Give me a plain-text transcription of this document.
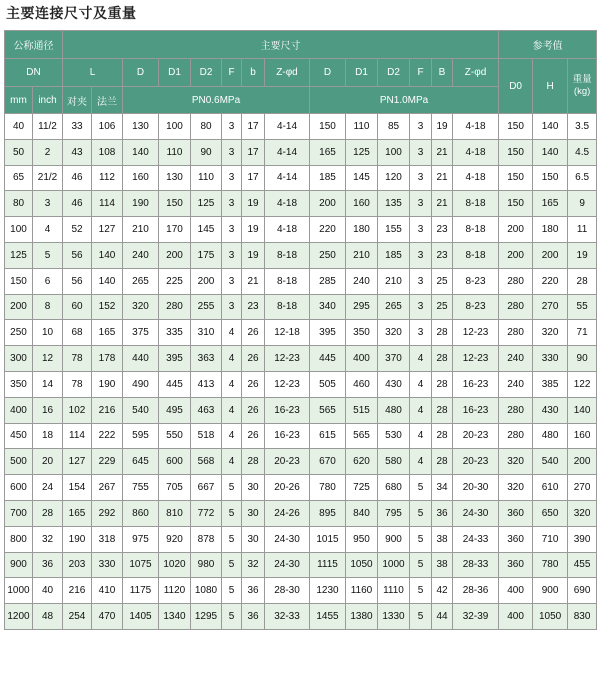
主要连接尺寸及重量
公称通径		主要尺寸														参考值		
DN		L		D	D1	D2	F	b	Z-φd	D	D1	D2	F	B	Z-φd	D0	H	重量 (kg)
mm	inch	对夹	法兰	PN0.6MPa						PN1.0MPa								
40	11/2	33	106	130	100	80	3	17	4-14	150	110	85	3	19	4-18	150	140	3.5
50	2	43	108	140	110	90	3	17	4-14	165	125	100	3	21	4-18	150	140	4.5
65	21/2	46	112	160	130	110	3	17	4-14	185	145	120	3	21	4-18	150	150	6.5
80	3	46	114	190	150	125	3	19	4-18	200	160	135	3	21	8-18	150	165	9
100	4	52	127	210	170	145	3	19	4-18	220	180	155	3	23	8-18	200	180	11
125	5	56	140	240	200	175	3	19	8-18	250	210	185	3	23	8-18	200	200	19
150	6	56	140	265	225	200	3	21	8-18	285	240	210	3	25	8-23	280	220	28
200	8	60	152	320	280	255	3	23	8-18	340	295	265	3	25	8-23	280	270	55
250	10	68	165	375	335	310	4	26	12-18	395	350	320	3	28	12-23	280	320	71
300	12	78	178	440	395	363	4	26	12-23	445	400	370	4	28	12-23	240	330	90
350	14	78	190	490	445	413	4	26	12-23	505	460	430	4	28	16-23	240	385	122
400	16	102	216	540	495	463	4	26	16-23	565	515	480	4	28	16-23	280	430	140
450	18	114	222	595	550	518	4	26	16-23	615	565	530	4	28	20-23	280	480	160
500	20	127	229	645	600	568	4	28	20-23	670	620	580	4	28	20-23	320	540	200
600	24	154	267	755	705	667	5	30	20-26	780	725	680	5	34	20-30	320	610	270
700	28	165	292	860	810	772	5	30	24-26	895	840	795	5	36	24-30	360	650	320
800	32	190	318	975	920	878	5	30	24-30	1015	950	900	5	38	24-33	360	710	390
900	36	203	330	1075	1020	980	5	32	24-30	1115	1050	1000	5	38	28-33	360	780	455
1000	40	216	410	1175	1120	1080	5	36	28-30	1230	1160	1110	5	42	28-36	400	900	690
1200	48	254	470	1405	1340	1295	5	36	32-33	1455	1380	1330	5	44	32-39	400	1050	830
